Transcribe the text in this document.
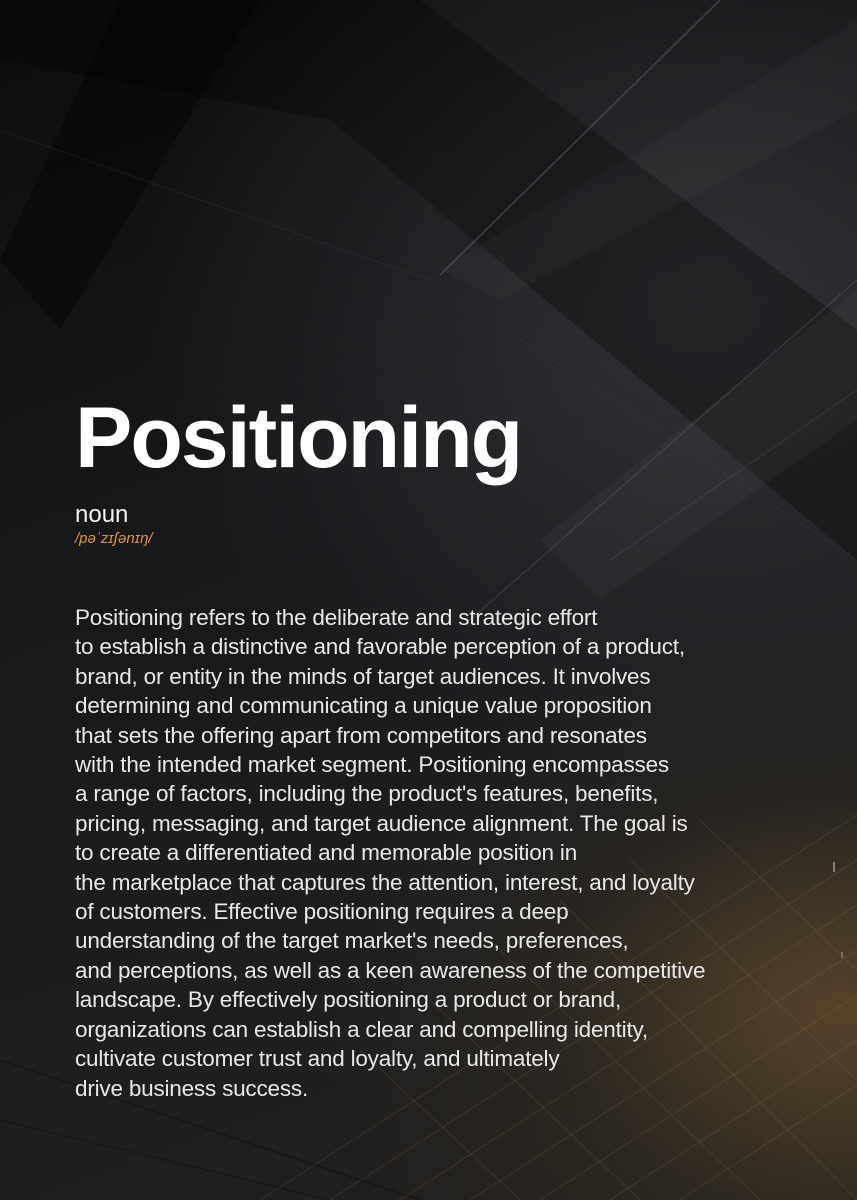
Positioning
noun
/pəˈzɪʃənɪŋ/
Positioning refers to the deliberate and strategic effort
to establish a distinctive and favorable perception of a product,
brand, or entity in the minds of target audiences. It involves
determining and communicating a unique value proposition
that sets the offering apart from competitors and resonates
with the intended market segment. Positioning encompasses
a range of factors, including the product's features, benefits,
pricing, messaging, and target audience alignment. The goal is
to create a differentiated and memorable position in
the marketplace that captures the attention, interest, and loyalty
of customers. Effective positioning requires a deep
understanding of the target market's needs, preferences,
and perceptions, as well as a keen awareness of the competitive
landscape. By effectively positioning a product or brand,
organizations can establish a clear and compelling identity,
cultivate customer trust and loyalty, and ultimately
drive business success.
